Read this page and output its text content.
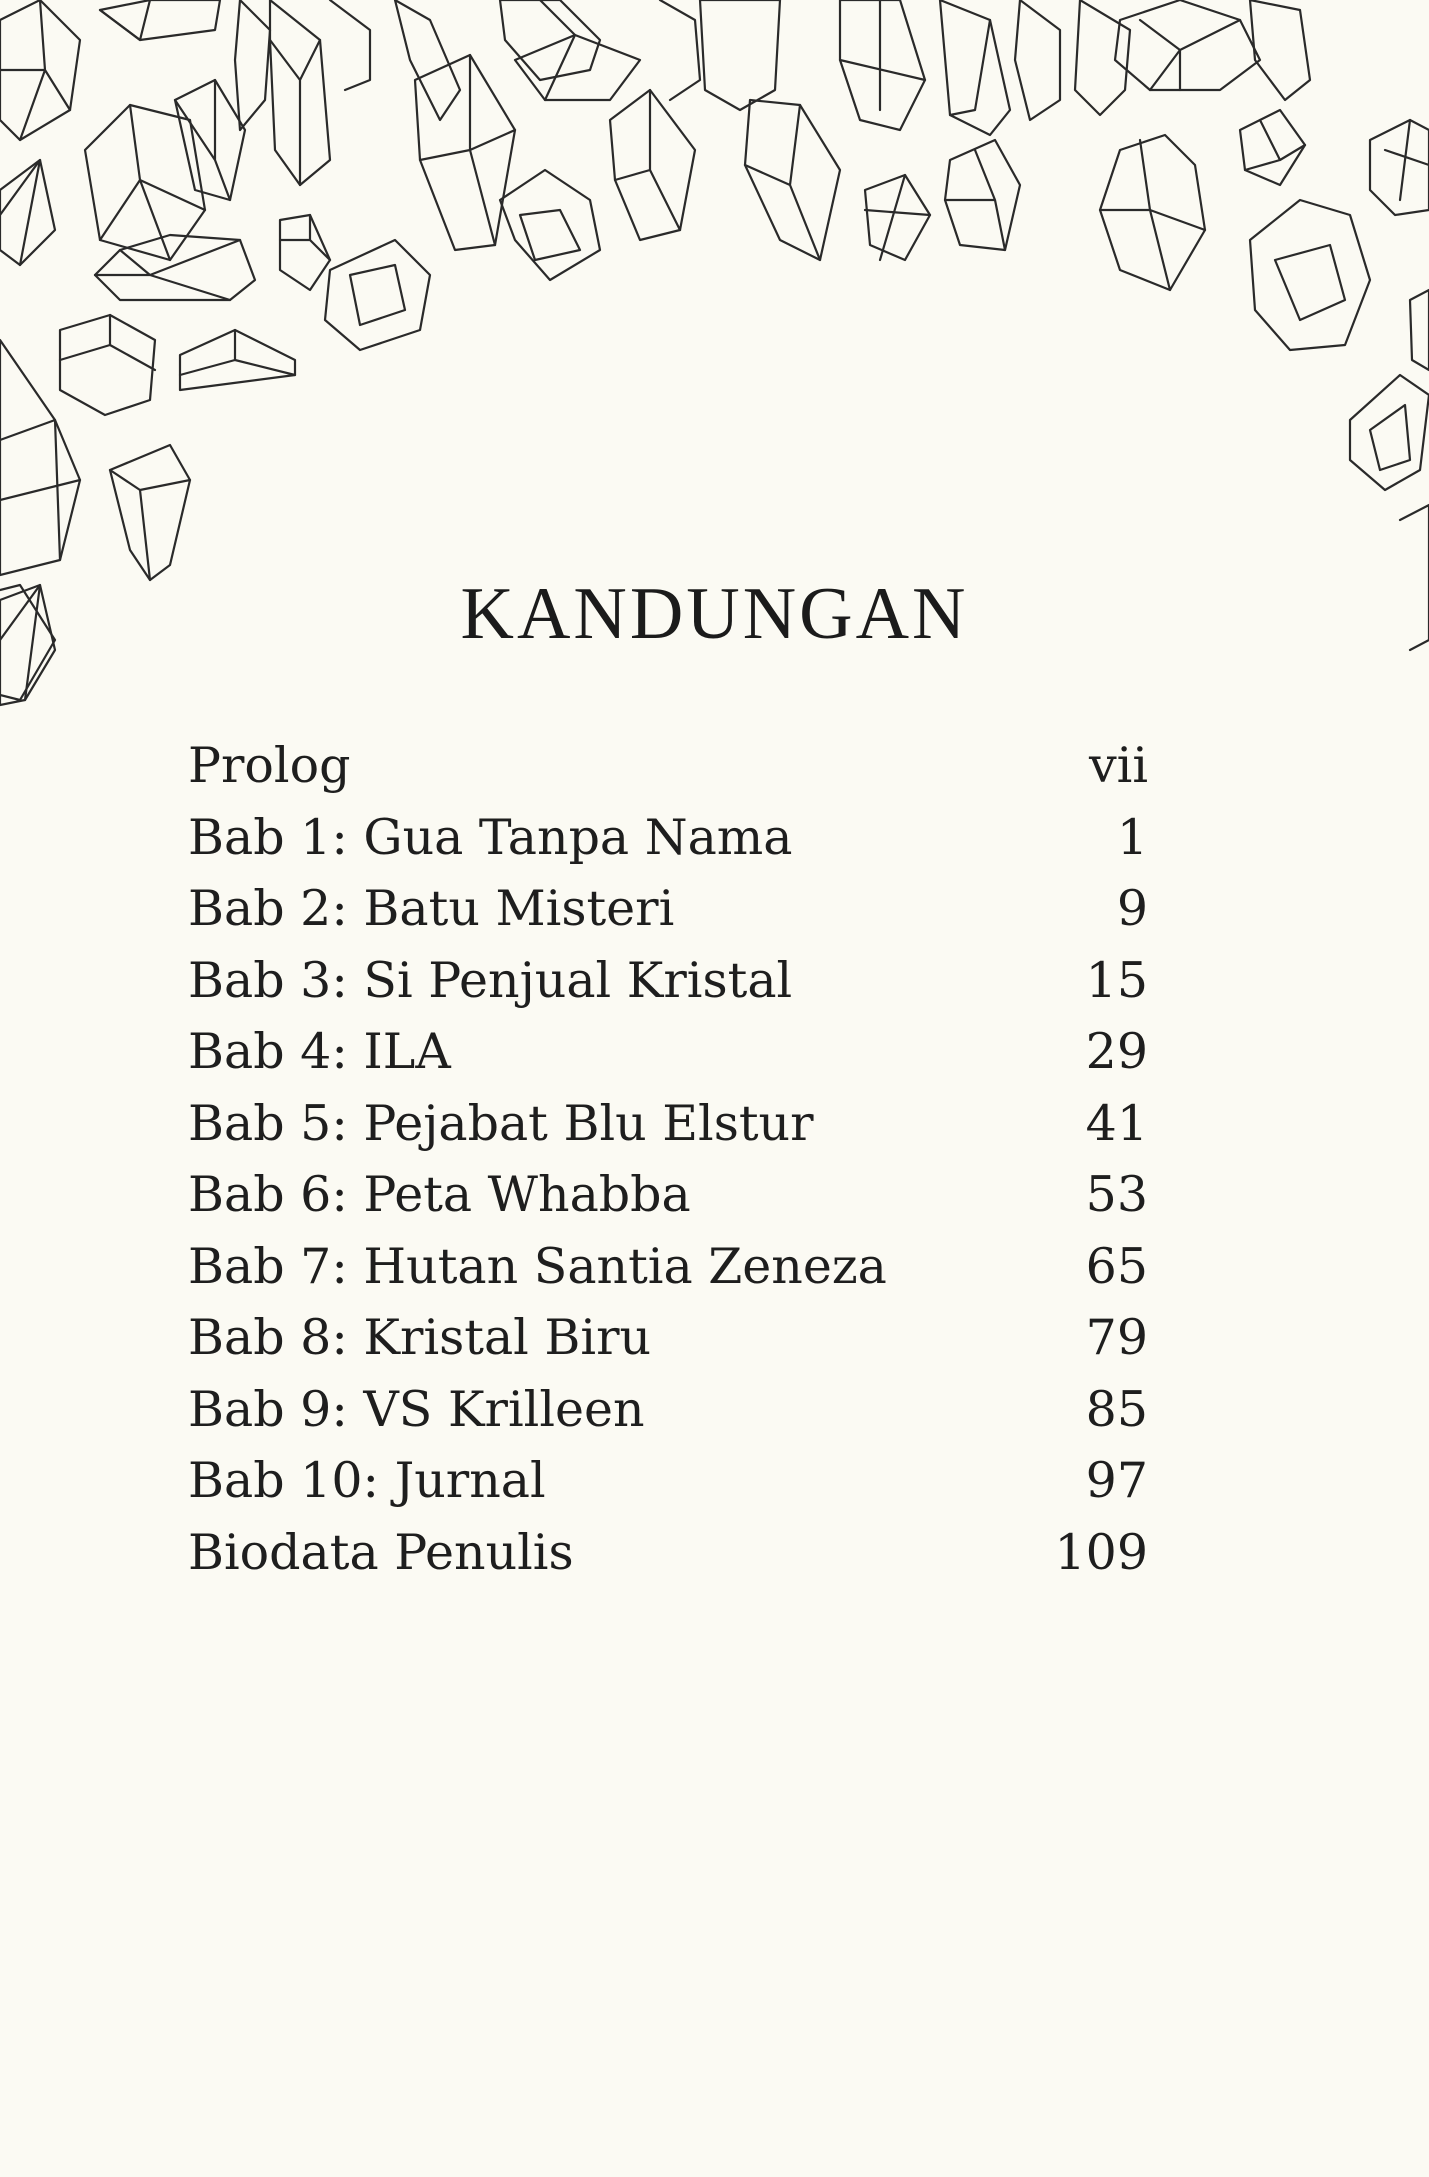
KANDUNGAN
Prolog	vii
Bab 1: Gua Tanpa Nama	1
Bab 2: Batu Misteri	9
Bab 3: Si Penjual Kristal	15
Bab 4: ILA	29
Bab 5: Pejabat Blu Elstur	41
Bab 6: Peta Whabba	53
Bab 7: Hutan Santia Zeneza	65
Bab 8: Kristal Biru	79
Bab 9: VS Krilleen	85
Bab 10: Jurnal	97
Biodata Penulis	109
